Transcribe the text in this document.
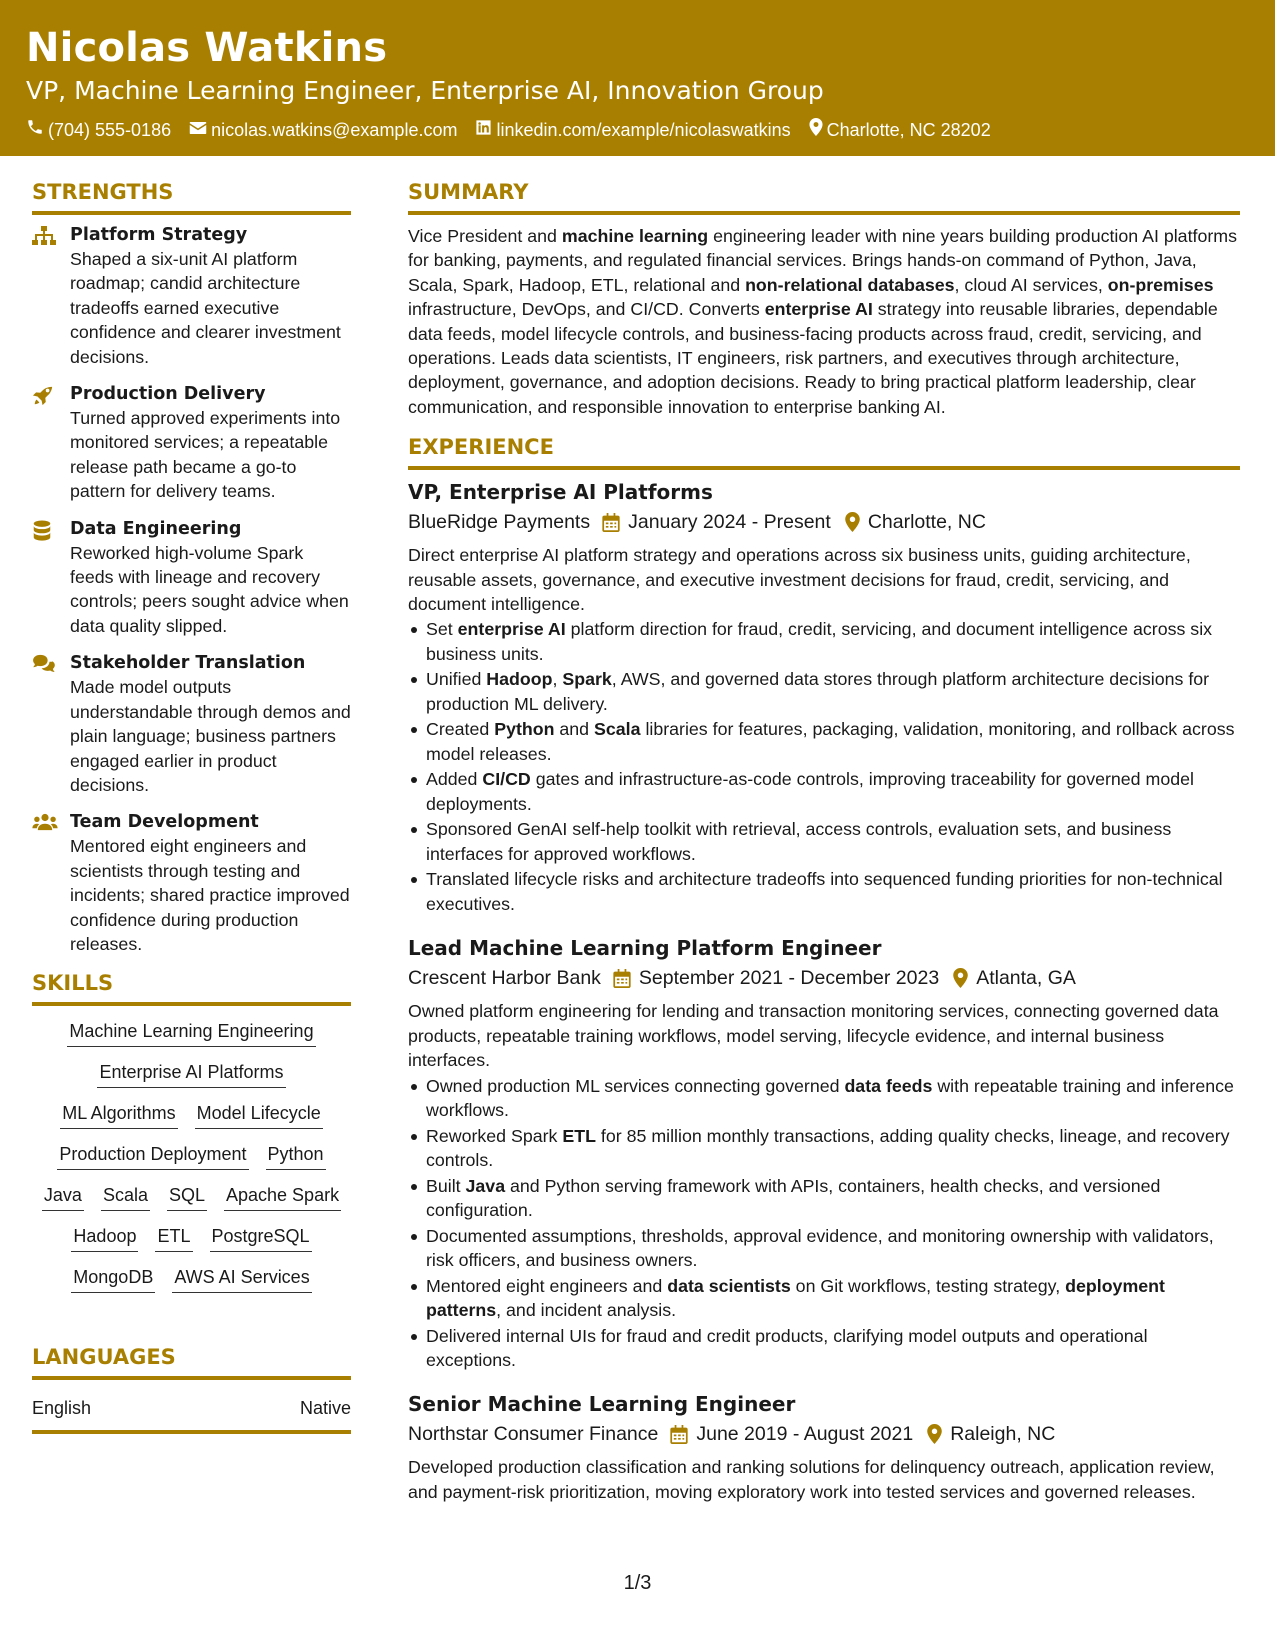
Nicolas Watkins
VP, Machine Learning Engineer, Enterprise AI, Innovation Group
(704) 555-0186 nicolas.watkins@example.com linkedin.com/example/nicolaswatkins Charlotte, NC 28202
STRENGTHS
Platform Strategy
Shaped a six-unit AI platform roadmap; candid architecture tradeoffs earned executive confidence and clearer investment decisions.
Production Delivery
Turned approved experiments into monitored services; a repeatable release path became a go-to pattern for delivery teams.
Data Engineering
Reworked high-volume Spark feeds with lineage and recovery controls; peers sought advice when data quality slipped.
Stakeholder Translation
Made model outputs understandable through demos and plain language; business partners engaged earlier in product decisions.
Team Development
Mentored eight engineers and scientists through testing and incidents; shared practice improved confidence during production releases.
SKILLS
Machine Learning Engineering
Enterprise AI Platforms
ML Algorithms Model Lifecycle
Production Deployment Python
Java Scala SQL Apache Spark
Hadoop ETL PostgreSQL
MongoDB AWS AI Services
LANGUAGES
English	Native
SUMMARY
Vice President and machine learning engineering leader with nine years building production AI platforms for banking, payments, and regulated financial services. Brings hands-on command of Python, Java, Scala, Spark, Hadoop, ETL, relational and non-relational databases, cloud AI services, on-premises infrastructure, DevOps, and CI/CD. Converts enterprise AI strategy into reusable libraries, dependable data feeds, model lifecycle controls, and business-facing products across fraud, credit, servicing, and operations. Leads data scientists, IT engineers, risk partners, and executives through architecture, deployment, governance, and adoption decisions. Ready to bring practical platform leadership, clear communication, and responsible innovation to enterprise banking AI.
EXPERIENCE
VP, Enterprise AI Platforms
BlueRidge Payments January 2024 - Present Charlotte, NC
Direct enterprise AI platform strategy and operations across six business units, guiding architecture, reusable assets, governance, and executive investment decisions for fraud, credit, servicing, and document intelligence.
Set enterprise AI platform direction for fraud, credit, servicing, and document intelligence across six business units.
Unified Hadoop, Spark, AWS, and governed data stores through platform architecture decisions for production ML delivery.
Created Python and Scala libraries for features, packaging, validation, monitoring, and rollback across model releases.
Added CI/CD gates and infrastructure-as-code controls, improving traceability for governed model deployments.
Sponsored GenAI self-help toolkit with retrieval, access controls, evaluation sets, and business interfaces for approved workflows.
Translated lifecycle risks and architecture tradeoffs into sequenced funding priorities for non-technical executives.
Lead Machine Learning Platform Engineer
Crescent Harbor Bank September 2021 - December 2023 Atlanta, GA
Owned platform engineering for lending and transaction monitoring services, connecting governed data products, repeatable training workflows, model serving, lifecycle evidence, and internal business interfaces.
Owned production ML services connecting governed data feeds with repeatable training and inference workflows.
Reworked Spark ETL for 85 million monthly transactions, adding quality checks, lineage, and recovery controls.
Built Java and Python serving framework with APIs, containers, health checks, and versioned configuration.
Documented assumptions, thresholds, approval evidence, and monitoring ownership with validators, risk officers, and business owners.
Mentored eight engineers and data scientists on Git workflows, testing strategy, deployment patterns, and incident analysis.
Delivered internal UIs for fraud and credit products, clarifying model outputs and operational exceptions.
Senior Machine Learning Engineer
Northstar Consumer Finance June 2019 - August 2021 Raleigh, NC
Developed production classification and ranking solutions for delinquency outreach, application review, and payment-risk prioritization, moving exploratory work into tested services and governed releases.
1/3
